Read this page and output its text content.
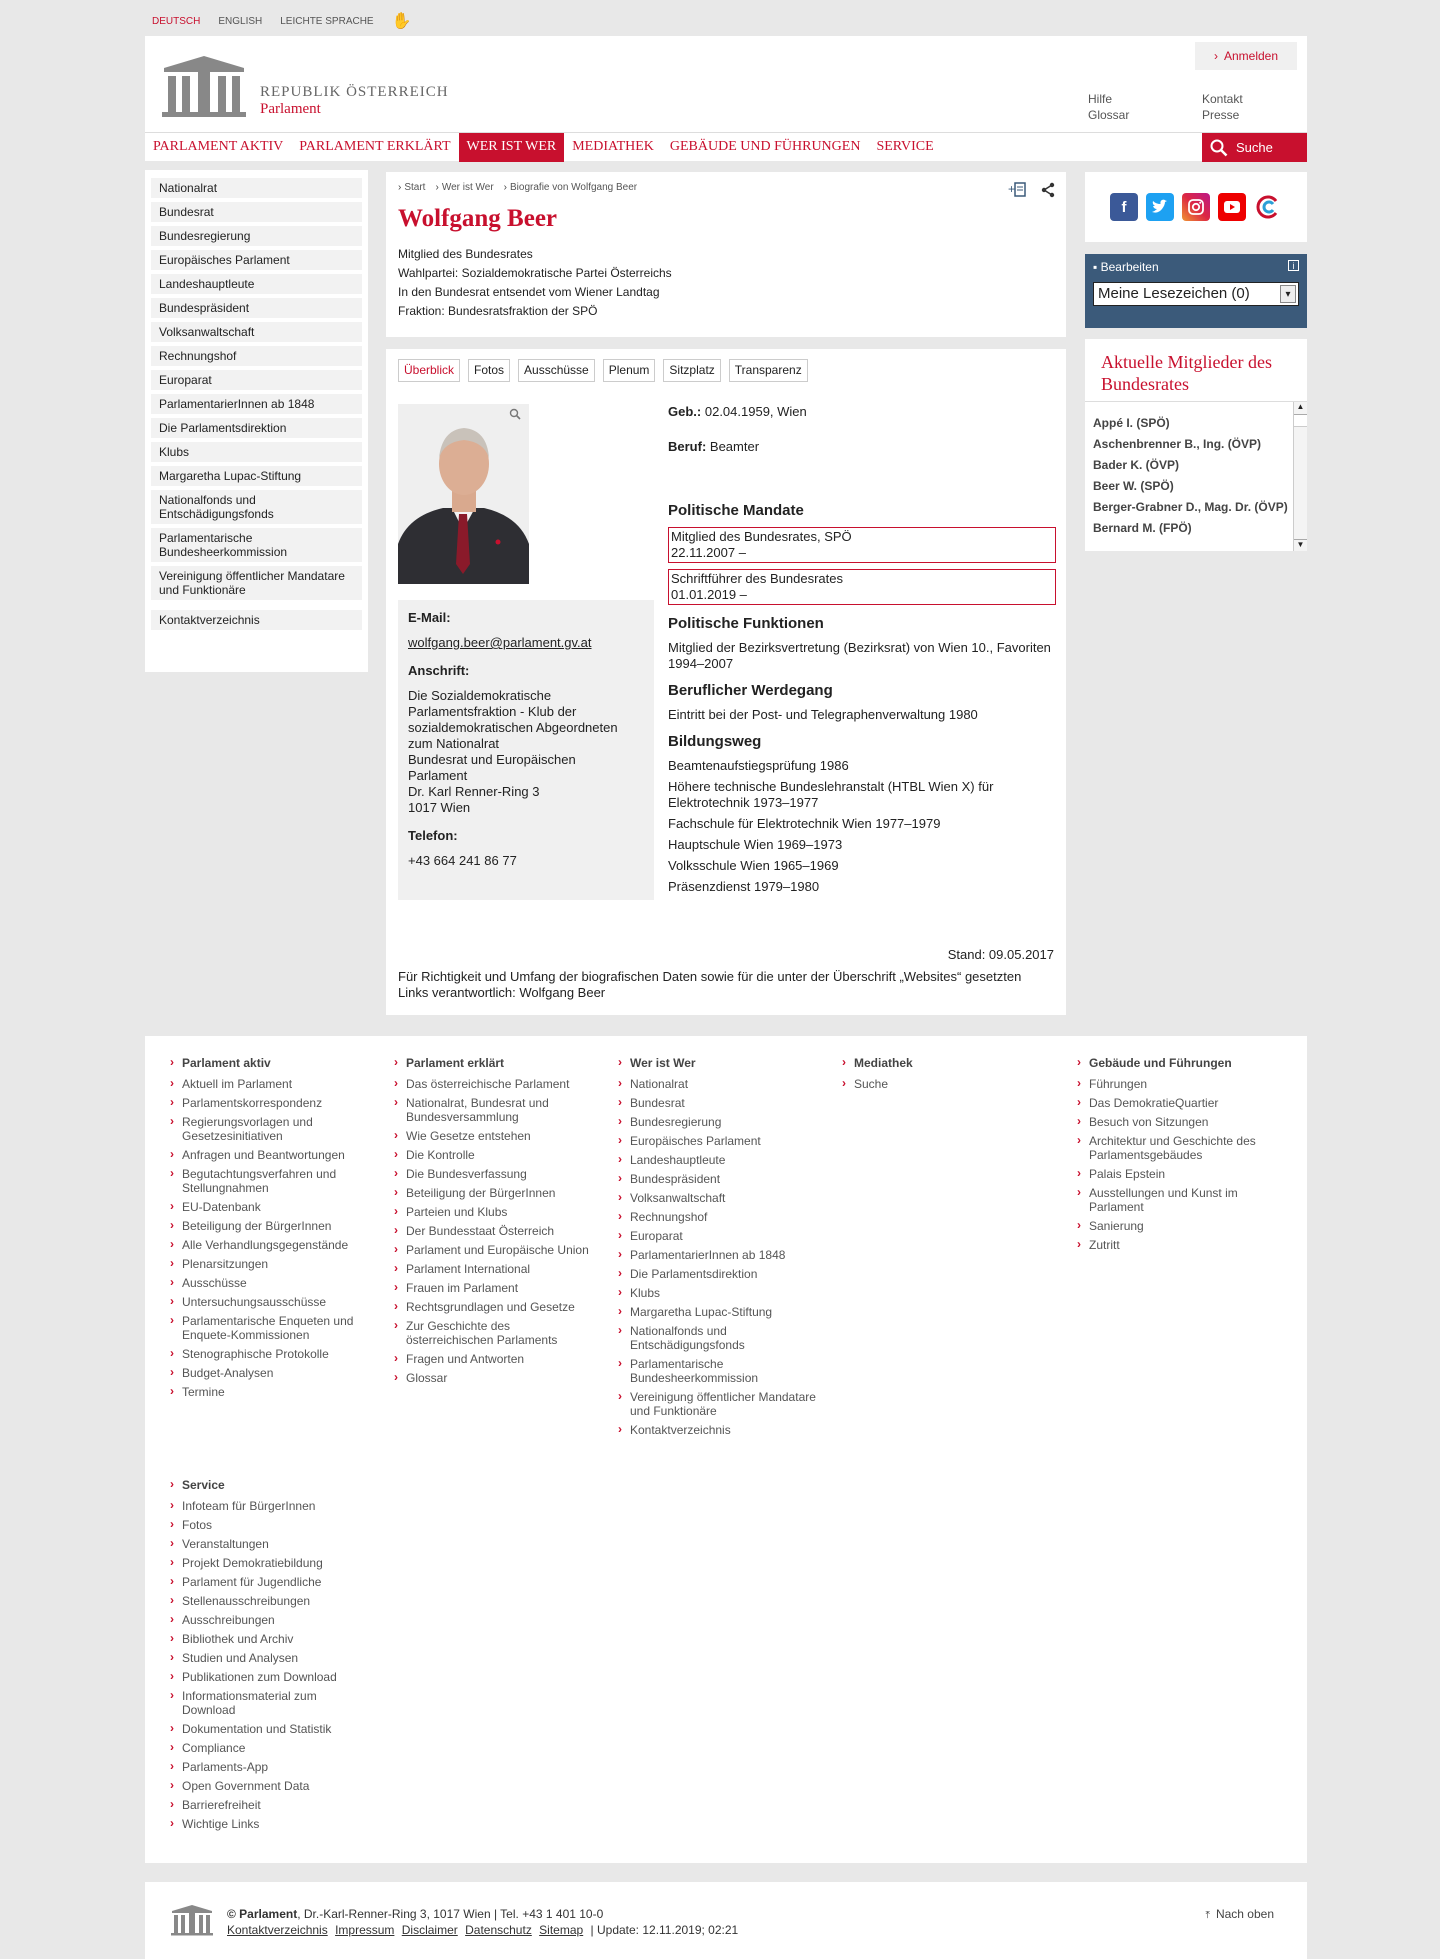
DEUTSCH ENGLISH LEICHTE SPRACHE ✋
REPUBLIK ÖSTERREICH
Parlament
› Anmelden
Hilfe	Kontakt
Glossar	Presse
PARLAMENT AKTIV	PARLAMENT ERKLÄRT	WER IST WER	MEDIATHEK	GEBÄUDE UND FÜHRUNGEN	SERVICE	Suche
Nationalrat
Bundesrat
Bundesregierung
Europäisches Parlament
Landeshauptleute
Bundespräsident
Volksanwaltschaft
Rechnungshof
Europarat
ParlamentarierInnen ab 1848
Die Parlamentsdirektion
Klubs
Margaretha Lupac-Stiftung
Nationalfonds und Entschädigungsfonds
Parlamentarische Bundesheerkommission
Vereinigung öffentlicher Mandatare und Funktionäre
Kontaktverzeichnis
› Start	› Wer ist Wer	› Biografie von Wolfgang Beer	+
Wolfgang Beer

Mitglied des Bundesrates

Wahlpartei: Sozialdemokratische Partei Österreichs

In den Bundesrat entsendet vom Wiener Landtag

Fraktion: Bundesratsfraktion der SPÖ

Überblick	Fotos	Ausschüsse	Plenum	Sitzplatz	Transparenz
E-Mail:

wolfgang.beer@parlament.gv.at

Anschrift:

Die Sozialdemokratische
Parlamentsfraktion - Klub der
sozialdemokratischen Abgeordneten
zum Nationalrat
Bundesrat und Europäischen
Parlament
Dr. Karl Renner-Ring 3
1017 Wien

Telefon:

+43 664 241 86 77

Geb.: 02.04.1959, Wien
Beruf: Beamter
Politische Mandate
Mitglied des Bundesrates, SPÖ
22.11.2007 –
Schriftführer des Bundesrates
01.01.2019 –
Politische Funktionen

Mitglied der Bezirksvertretung (Bezirksrat) von Wien 10., Favoriten 1994–2007

Beruflicher Werdegang

Eintritt bei der Post- und Telegraphenverwaltung 1980

Bildungsweg

Beamtenaufstiegsprüfung 1986

Höhere technische Bundeslehranstalt (HTBL Wien X) für Elektrotechnik 1973–1977

Fachschule für Elektrotechnik Wien 1977–1979

Hauptschule Wien 1969–1973

Volksschule Wien 1965–1969

Präsenzdienst 1979–1980

Stand: 09.05.2017
Für Richtigkeit und Umfang der biografischen Daten sowie für die unter der Überschrift „Websites“ gesetzten Links verantwortlich: Wolfgang Beer
f
▪ Bearbeiten	i
Meine Lesezeichen (0)	▾
Aktuelle Mitglieder des Bundesrates

Appé I. (SPÖ)

Aschenbrenner B., Ing. (ÖVP)

Bader K. (ÖVP)

Beer W. (SPÖ)

Berger-Grabner D., Mag. Dr. (ÖVP)

Bernard M. (FPÖ)

▲
▼
› Parlament aktiv
› Aktuell im Parlament
› Parlamentskorrespondenz
› Regierungsvorlagen und Gesetzesinitiativen
› Anfragen und Beantwortungen
› Begutachtungsverfahren und Stellungnahmen
› EU-Datenbank
› Beteiligung der BürgerInnen
› Alle Verhandlungsgegenstände
› Plenarsitzungen
› Ausschüsse
› Untersuchungsausschüsse
› Parlamentarische Enqueten und Enquete-Kommissionen
› Stenographische Protokolle
› Budget-Analysen
› Termine
› Parlament erklärt
› Das österreichische Parlament
› Nationalrat, Bundesrat und Bundesversammlung
› Wie Gesetze entstehen
› Die Kontrolle
› Die Bundesverfassung
› Beteiligung der BürgerInnen
› Parteien und Klubs
› Der Bundesstaat Österreich
› Parlament und Europäische Union
› Parlament International
› Frauen im Parlament
› Rechtsgrundlagen und Gesetze
› Zur Geschichte des österreichischen Parlaments
› Fragen und Antworten
› Glossar
› Wer ist Wer
› Nationalrat
› Bundesrat
› Bundesregierung
› Europäisches Parlament
› Landeshauptleute
› Bundespräsident
› Volksanwaltschaft
› Rechnungshof
› Europarat
› ParlamentarierInnen ab 1848
› Die Parlamentsdirektion
› Klubs
› Margaretha Lupac-Stiftung
› Nationalfonds und Entschädigungsfonds
› Parlamentarische Bundesheerkommission
› Vereinigung öffentlicher Mandatare und Funktionäre
› Kontaktverzeichnis
› Mediathek
› Suche
› Gebäude und Führungen
› Führungen
› Das DemokratieQuartier
› Besuch von Sitzungen
› Architektur und Geschichte des Parlamentsgebäudes
› Palais Epstein
› Ausstellungen und Kunst im Parlament
› Sanierung
› Zutritt
› Service
› Infoteam für BürgerInnen
› Fotos
› Veranstaltungen
› Projekt Demokratiebildung
› Parlament für Jugendliche
› Stellenausschreibungen
› Ausschreibungen
› Bibliothek und Archiv
› Studien und Analysen
› Publikationen zum Download
› Informationsmaterial zum Download
› Dokumentation und Statistik
› Compliance
› Parlaments-App
› Open Government Data
› Barrierefreiheit
› Wichtige Links
© Parlament, Dr.-Karl-Renner-Ring 3, 1017 Wien | Tel. +43 1 401 10-0
Kontaktverzeichnis Impressum Disclaimer Datenschutz Sitemap | Update: 12.11.2019; 02:21
⤒ Nach oben
